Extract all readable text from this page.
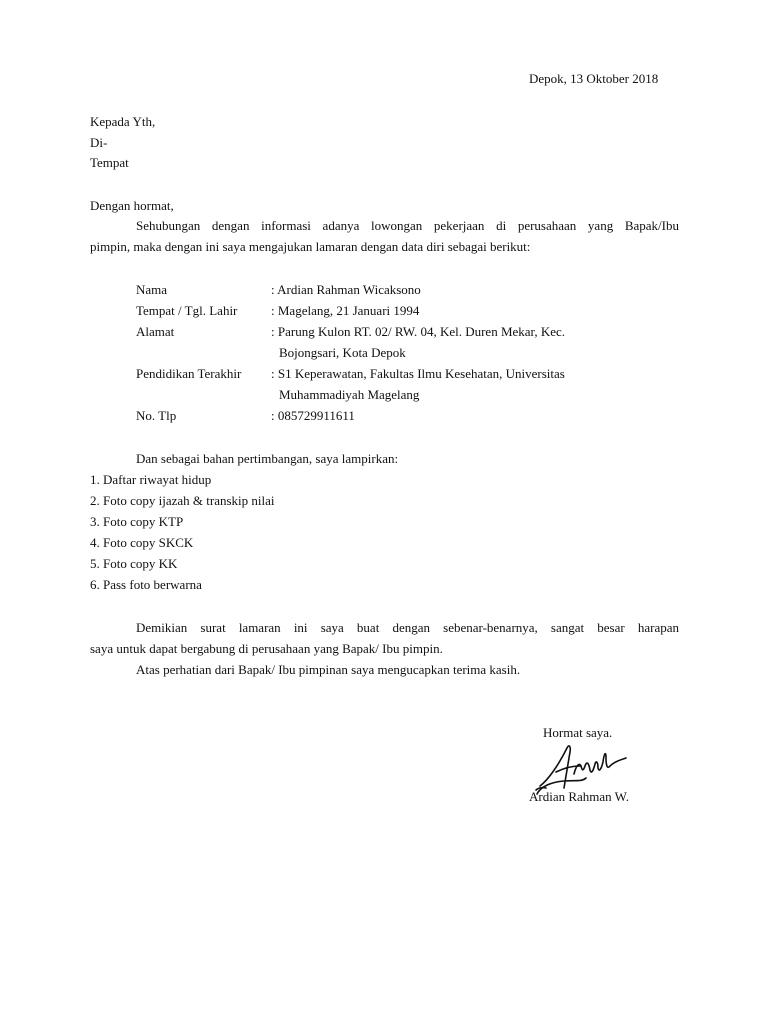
Depok, 13 Oktober 2018
Kepada Yth,
Di-
Tempat
Dengan hormat,
Sehubungan dengan informasi adanya lowongan pekerjaan di perusahaan yang Bapak/Ibu
pimpin, maka dengan ini saya mengajukan lamaran dengan data diri sebagai berikut:
Nama	: Ardian Rahman Wicaksono
Tempat / Tgl. Lahir	: Magelang, 21 Januari 1994
Alamat	: Parung Kulon RT. 02/ RW. 04, Kel. Duren Mekar, Kec.
Bojongsari, Kota Depok
Pendidikan Terakhir : S1 Keperawatan, Fakultas Ilmu Kesehatan, Universitas
Muhammadiyah Magelang
No. Tlp	: 085729911611
Dan sebagai bahan pertimbangan, saya lampirkan:
1. Daftar riwayat hidup
2. Foto copy ijazah & transkip nilai
3. Foto copy KTP
4. Foto copy SKCK
5. Foto copy KK
6. Pass foto berwarna
Demikian surat lamaran ini saya buat dengan sebenar-benarnya, sangat besar harapan
saya untuk dapat bergabung di perusahaan yang Bapak/ Ibu pimpin.
Atas perhatian dari Bapak/ Ibu pimpinan saya mengucapkan terima kasih.
Hormat saya.
Ardian Rahman W.
